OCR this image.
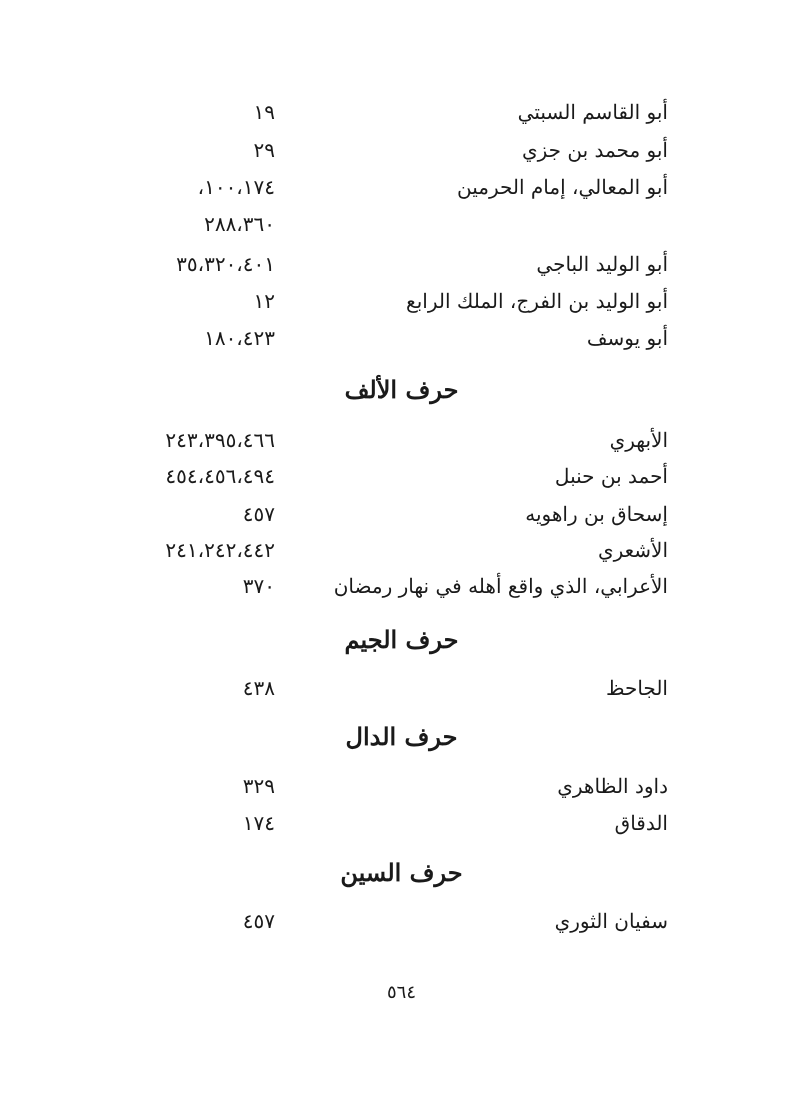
أبو القاسم السبتي
١٩
أبو محمد بن جزي
٢٩
أبو المعالي، إمام الحرمين
١٠٠،١٧٤،
٢٨٨،٣٦٠
أبو الوليد الباجي
٣٥،٣٢٠،٤٠١
أبو الوليد بن الفرج، الملك الرابع
١٢
أبو يوسف
١٨٠،٤٢٣
حرف الألف
الأبهري
٢٤٣،٣٩٥،٤٦٦
أحمد بن حنبل
٤٥٤،٤٥٦،٤٩٤
إسحاق بن راهويه
٤٥٧
الأشعري
٢٤١،٢٤٢،٤٤٢
الأعرابي، الذي واقع أهله في نهار رمضان
٣٧٠
حرف الجيم
الجاحظ
٤٣٨
حرف الدال
داود الظاهري
٣٢٩
الدقاق
١٧٤
حرف السين
سفيان الثوري
٤٥٧
٥٦٤
